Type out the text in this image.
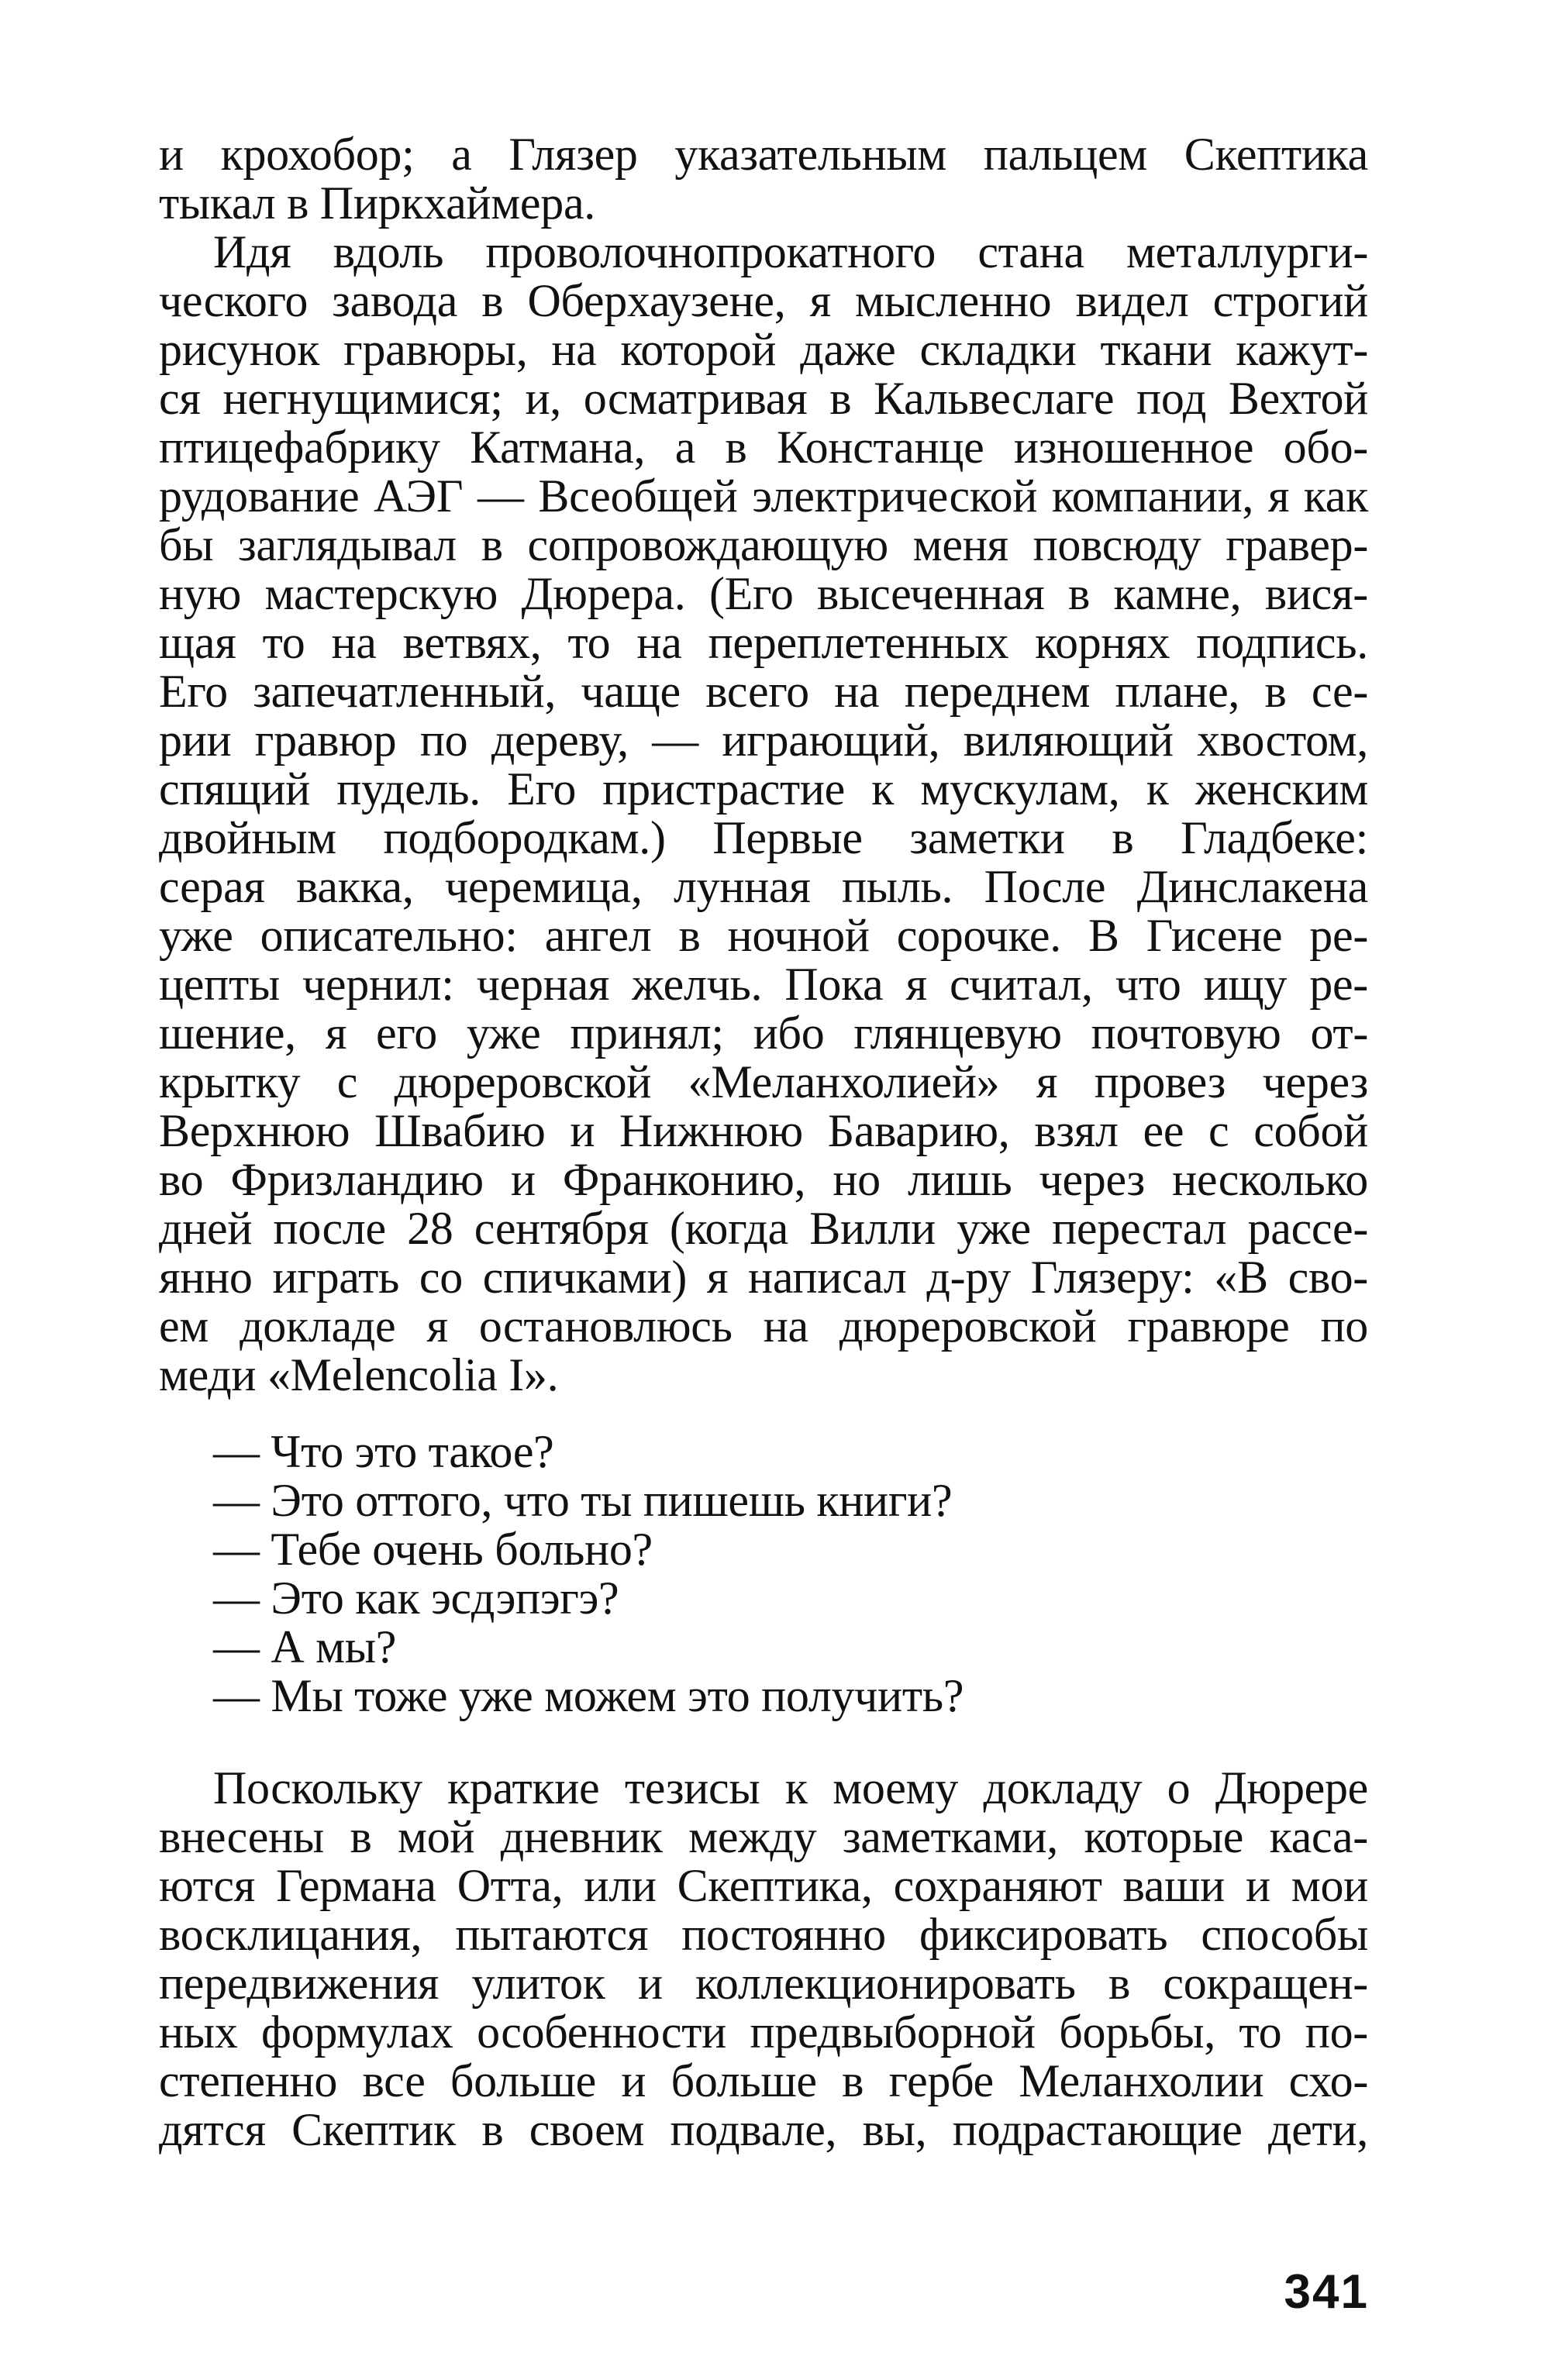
и крохобор; а Глязер указательным пальцем Скептика
тыкал в Пиркхаймера.
Идя вдоль проволочнопрокатного стана металлурги-
ческого завода в Оберхаузене, я мысленно видел строгий
рисунок гравюры, на которой даже складки ткани кажут-
ся негнущимися; и, осматривая в Кальвеслаге под Вехтой
птицефабрику Катмана, а в Констанце изношенное обо-
рудование АЭГ — Всеобщей электрической компании, я как
бы заглядывал в сопровождающую меня повсюду гравер-
ную мастерскую Дюрера. (Его высеченная в камне, вися-
щая то на ветвях, то на переплетенных корнях подпись.
Его запечатленный, чаще всего на переднем плане, в се-
рии гравюр по дереву, — играющий, виляющий хвостом,
спящий пудель. Его пристрастие к мускулам, к женским
двойным подбородкам.) Первые заметки в Гладбеке:
серая вакка, черемица, лунная пыль. После Динслакена
уже описательно: ангел в ночной сорочке. В Гисене ре-
цепты чернил: черная желчь. Пока я считал, что ищу ре-
шение, я его уже принял; ибо глянцевую почтовую от-
крытку с дюреровской «Меланхолией» я провез через
Верхнюю Швабию и Нижнюю Баварию, взял ее с собой
во Фризландию и Франконию, но лишь через несколько
дней после 28 сентября (когда Вилли уже перестал рассе-
янно играть со спичками) я написал д-ру Глязеру: «В сво-
ем докладе я остановлюсь на дюреровской гравюре по
меди «Melencolia I».
— Что это такое?
— Это оттого, что ты пишешь книги?
— Тебе очень больно?
— Это как эсдэпэгэ?
— А мы?
— Мы тоже уже можем это получить?
Поскольку краткие тезисы к моему докладу о Дюрере
внесены в мой дневник между заметками, которые каса-
ются Германа Отта, или Скептика, сохраняют ваши и мои
восклицания, пытаются постоянно фиксировать способы
передвижения улиток и коллекционировать в сокращен-
ных формулах особенности предвыборной борьбы, то по-
степенно все больше и больше в гербе Меланхолии схо-
дятся Скептик в своем подвале, вы, подрастающие дети,
341
